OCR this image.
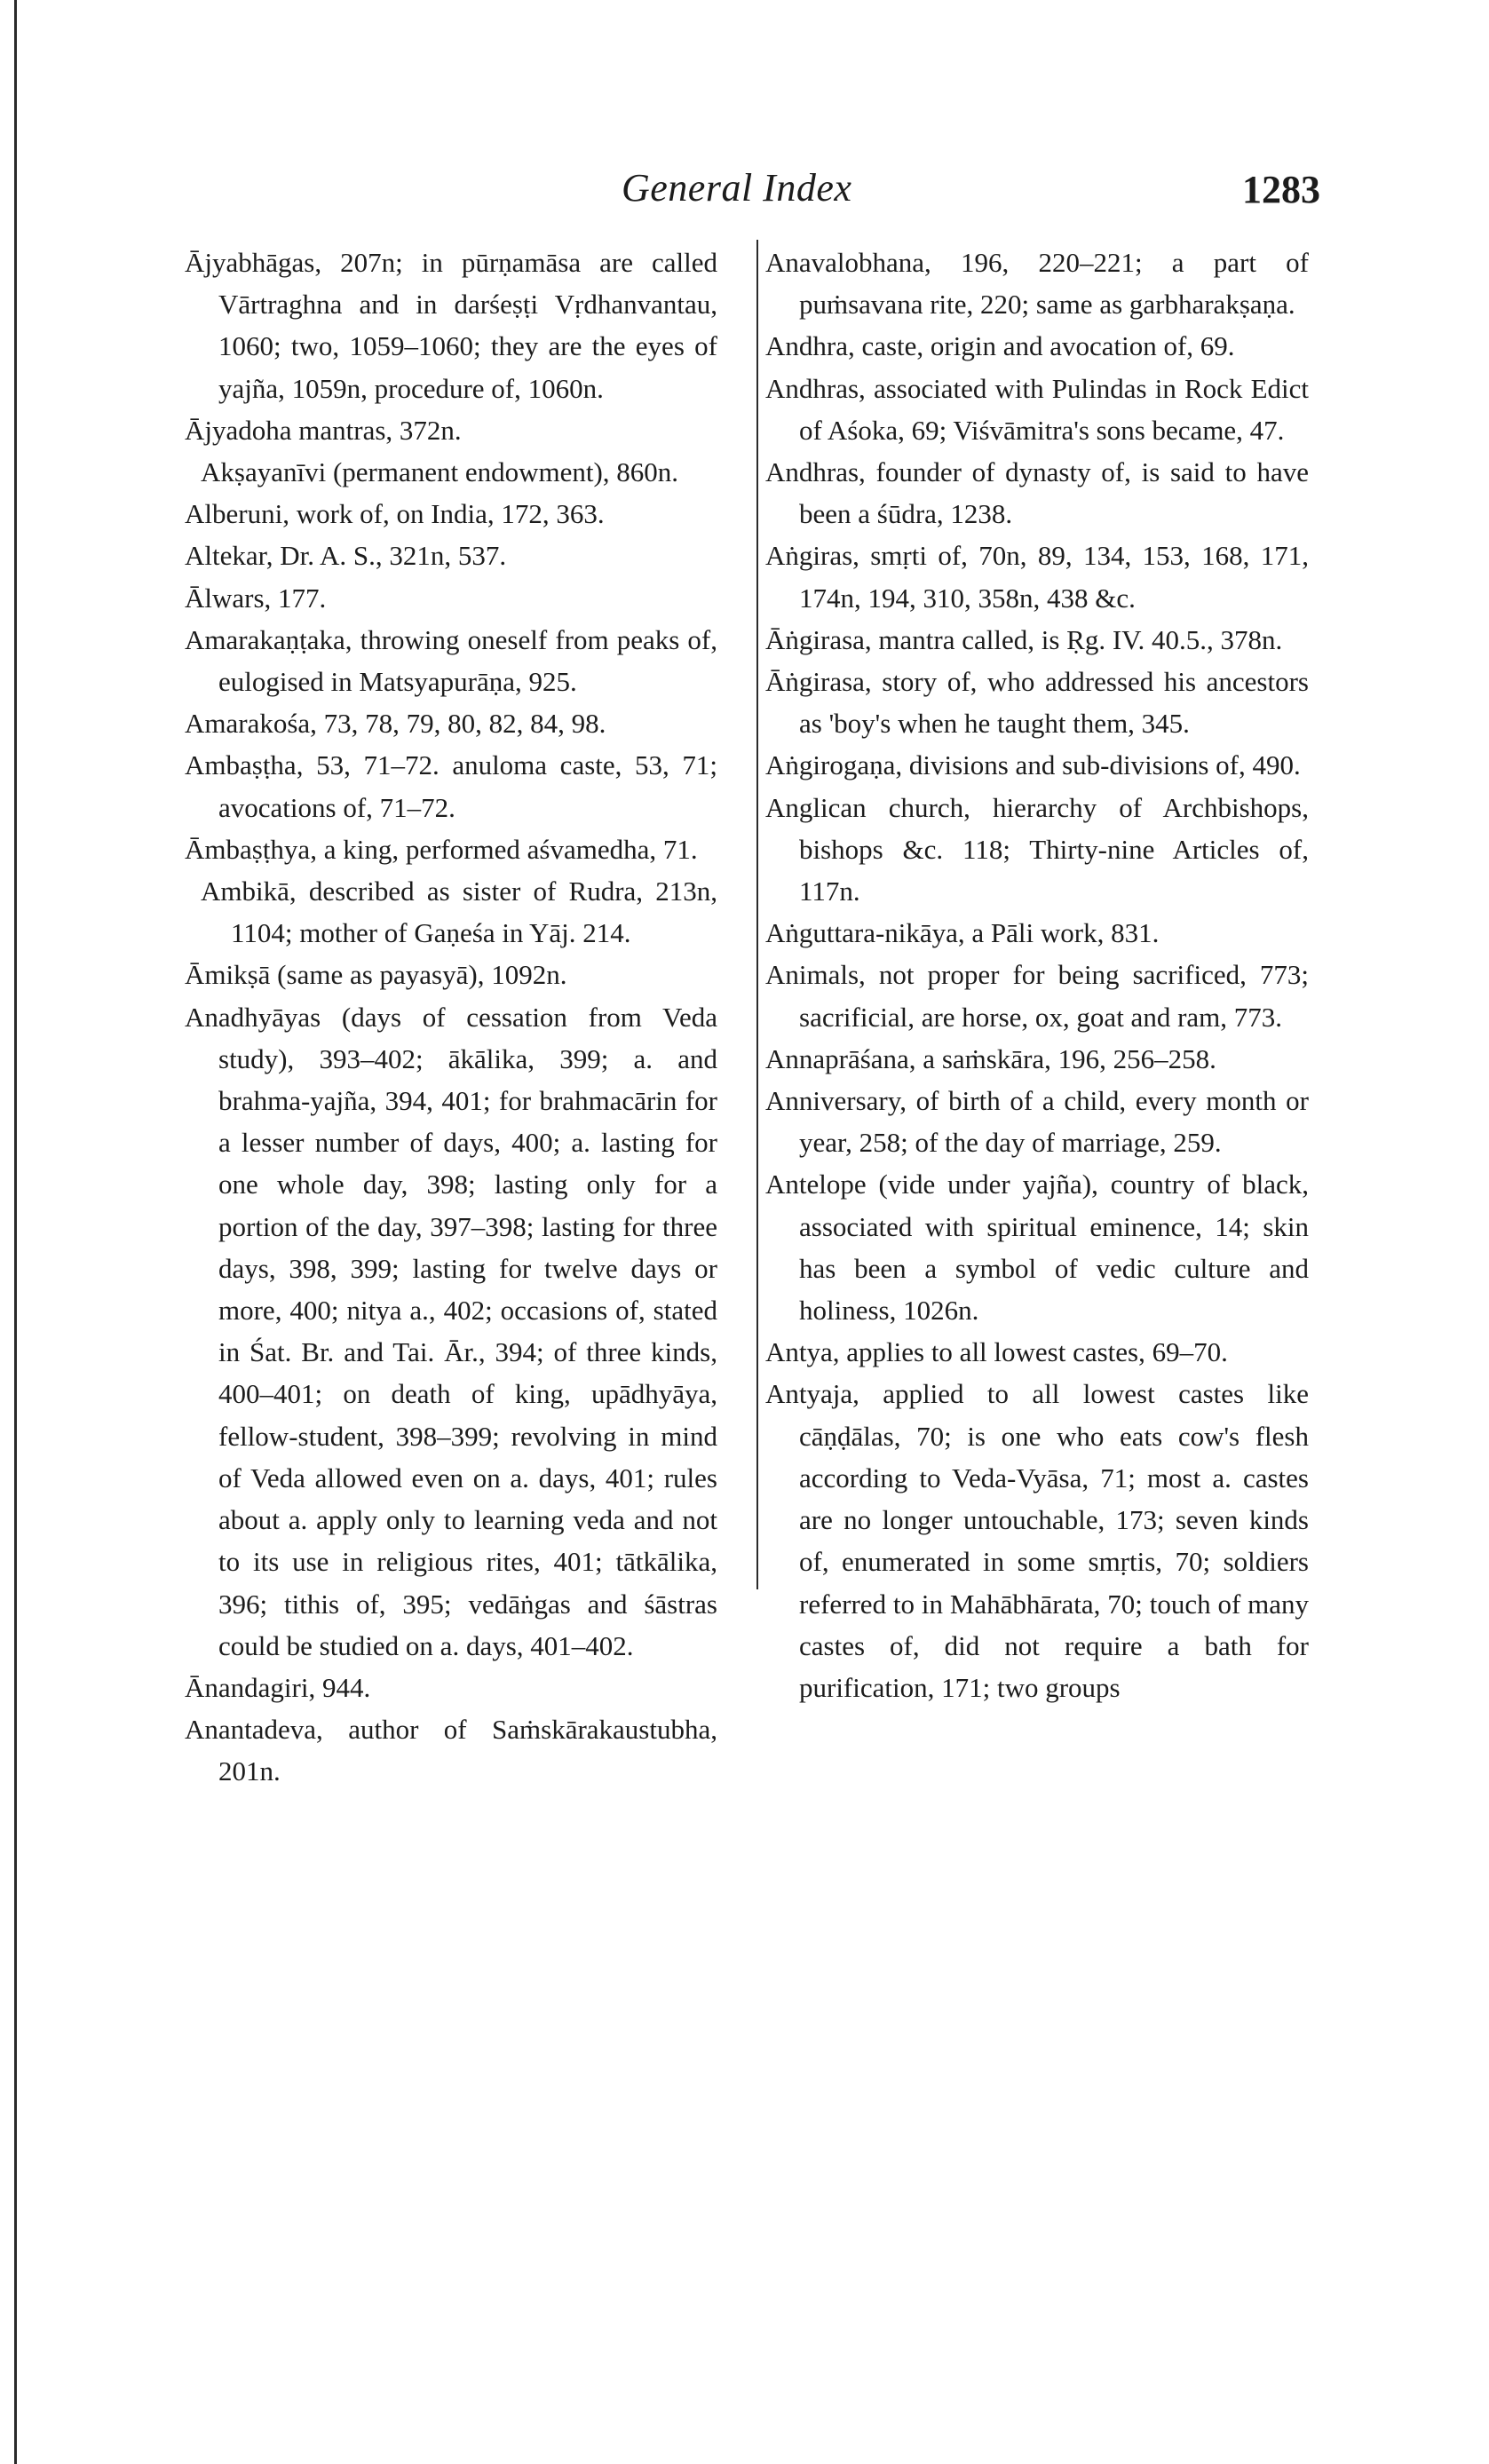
General Index	1283

Ājyabhāgas, 207n; in pūrṇamāsa are called Vārtraghna and in darśeṣṭi Vṛdhanvantau, 1060; two, 1059–1060; they are the eyes of yajña, 1059n, procedure of, 1060n.

Ājyadoha mantras, 372n.

Akṣayanīvi (permanent endowment), 860n.

Alberuni, work of, on India, 172, 363.

Altekar, Dr. A. S., 321n, 537.

Ālwars, 177.

Amarakaṇṭaka, throwing oneself from peaks of, eulogised in Matsyapurāṇa, 925.

Amarakośa, 73, 78, 79, 80, 82, 84, 98.

Ambaṣṭha, 53, 71–72. anuloma caste, 53, 71; avocations of, 71–72.

Āmbaṣṭhya, a king, performed aśvamedha, 71.

Ambikā, described as sister of Rudra, 213n, 1104; mother of Gaṇeśa in Yāj. 214.

Āmikṣā (same as payasyā), 1092n.

Anadhyāyas (days of cessation from Veda study), 393–402; ākālika, 399; a. and brahma-yajña, 394, 401; for brahmacārin for a lesser number of days, 400; a. lasting for one whole day, 398; lasting only for a portion of the day, 397–398; lasting for three days, 398, 399; lasting for twelve days or more, 400; nitya a., 402; occasions of, stated in Śat. Br. and Tai. Ār., 394; of three kinds, 400–401; on death of king, upādhyāya, fellow-student, 398–399; revolving in mind of Veda allowed even on a. days, 401; rules about a. apply only to learning veda and not to its use in religious rites, 401; tātkālika, 396; tithis of, 395; vedāṅgas and śāstras could be studied on a. days, 401–402.

Ānandagiri, 944.

Anantadeva, author of Saṁskārakaustubha, 201n.

Anavalobhana, 196, 220–221; a part of puṁsavana rite, 220; same as garbharakṣaṇa.

Andhra, caste, origin and avocation of, 69.

Andhras, associated with Pulindas in Rock Edict of Aśoka, 69; Viśvāmitra's sons became, 47.

Andhras, founder of dynasty of, is said to have been a śūdra, 1238.

Aṅgiras, smṛti of, 70n, 89, 134, 153, 168, 171, 174n, 194, 310, 358n, 438 &c.

Āṅgirasa, mantra called, is Ṛg. IV. 40.5., 378n.

Āṅgirasa, story of, who addressed his ancestors as 'boy's when he taught them, 345.

Aṅgirogaṇa, divisions and sub-divisions of, 490.

Anglican church, hierarchy of Archbishops, bishops &c. 118; Thirty-nine Articles of, 117n.

Aṅguttara-nikāya, a Pāli work, 831.

Animals, not proper for being sacrificed, 773; sacrificial, are horse, ox, goat and ram, 773.

Annaprāśana, a saṁskāra, 196, 256–258.

Anniversary, of birth of a child, every month or year, 258; of the day of marriage, 259.

Antelope (vide under yajña), country of black, associated with spiritual eminence, 14; skin has been a symbol of vedic culture and holiness, 1026n.

Antya, applies to all lowest castes, 69–70.

Antyaja, applied to all lowest castes like cāṇḍālas, 70; is one who eats cow's flesh according to Veda-Vyāsa, 71; most a. castes are no longer untouchable, 173; seven kinds of, enumerated in some smṛtis, 70; soldiers referred to in Mahābhārata, 70; touch of many castes of, did not require a bath for purification, 171; two groups
